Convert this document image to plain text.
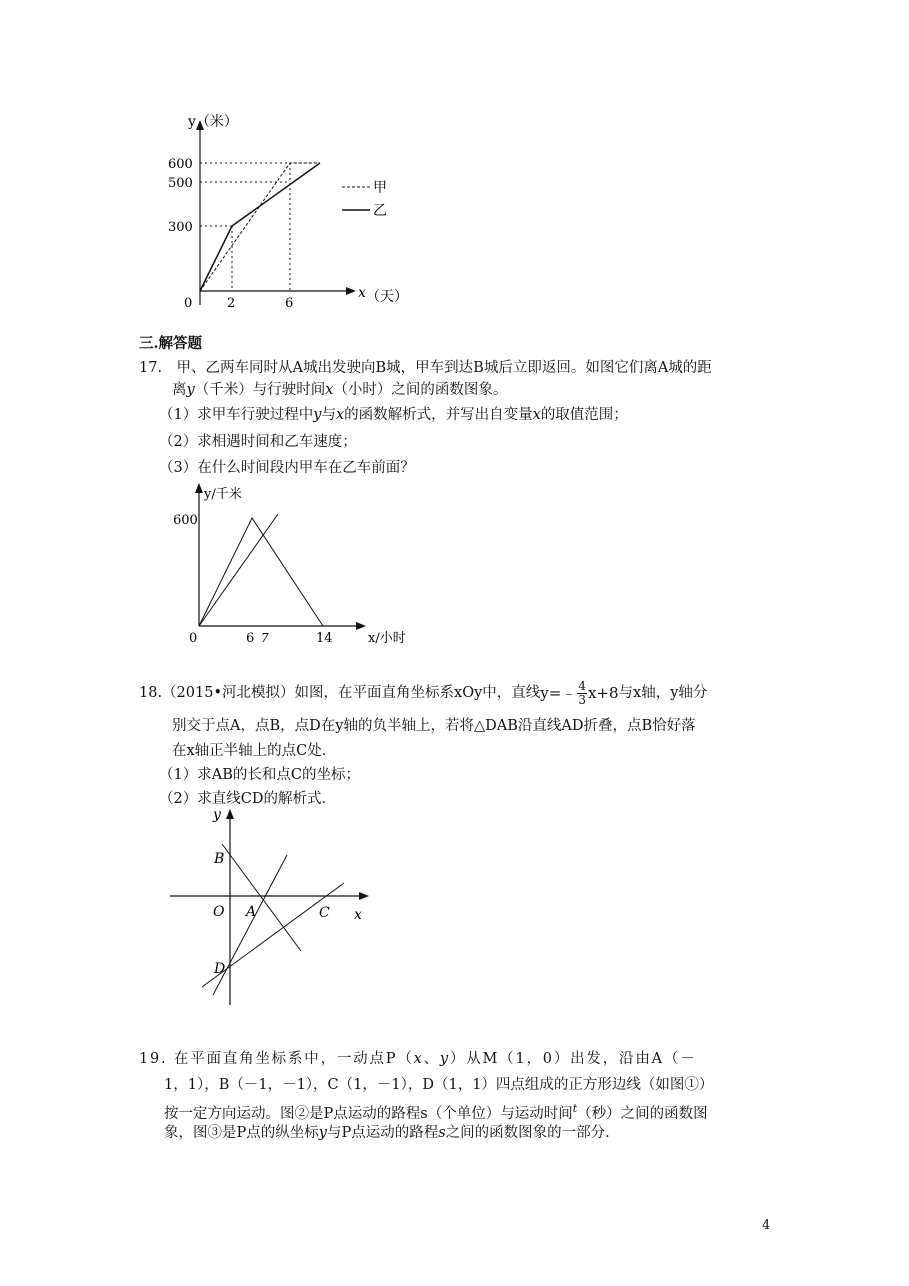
y（米）
x （天）
600
500
300
0	2	6
甲
乙
三.解答题
17.　甲、乙两车同时从A城出发驶向B城，甲车到达B城后立即返回。如图它们离A城的距
离y（千米）与行驶时间x（小时）之间的函数图象。
（1）求甲车行驶过程中y与x的函数解析式，并写出自变量x的取值范围；
（2）求相遇时间和乙车速度；
（3）在什么时间段内甲车在乙车前面？
y/千米
x/小时
600
0	6 7	14
18.（2015•河北模拟）如图，在平面直角坐标系xOy中，直线 y=﹣ $\frac{4}{3} x+8$ 与x轴，y轴分
别交于点A，点B，点D在y轴的负半轴上，若将△DAB沿直线AD折叠，点B恰好落
在x轴正半轴上的点C处．
（1）求AB的长和点C的坐标；
（2）求直线CD的解析式．
y
B
O A	C x
D
19. 在平面直角坐标系中，一动点P（x、y）从M（1，0）出发，沿由A（－
1，1），B（－1，－1），C（1，－1），D（1，1）四点组成的正方形边线（如图①）
按一定方向运动。图②是P点运动的路程s（个单位）与运动时间$^t$（秒）之间的函数图
象，图③是P点的纵坐标y与P点运动的路程s之间的函数图象的一部分.
4
